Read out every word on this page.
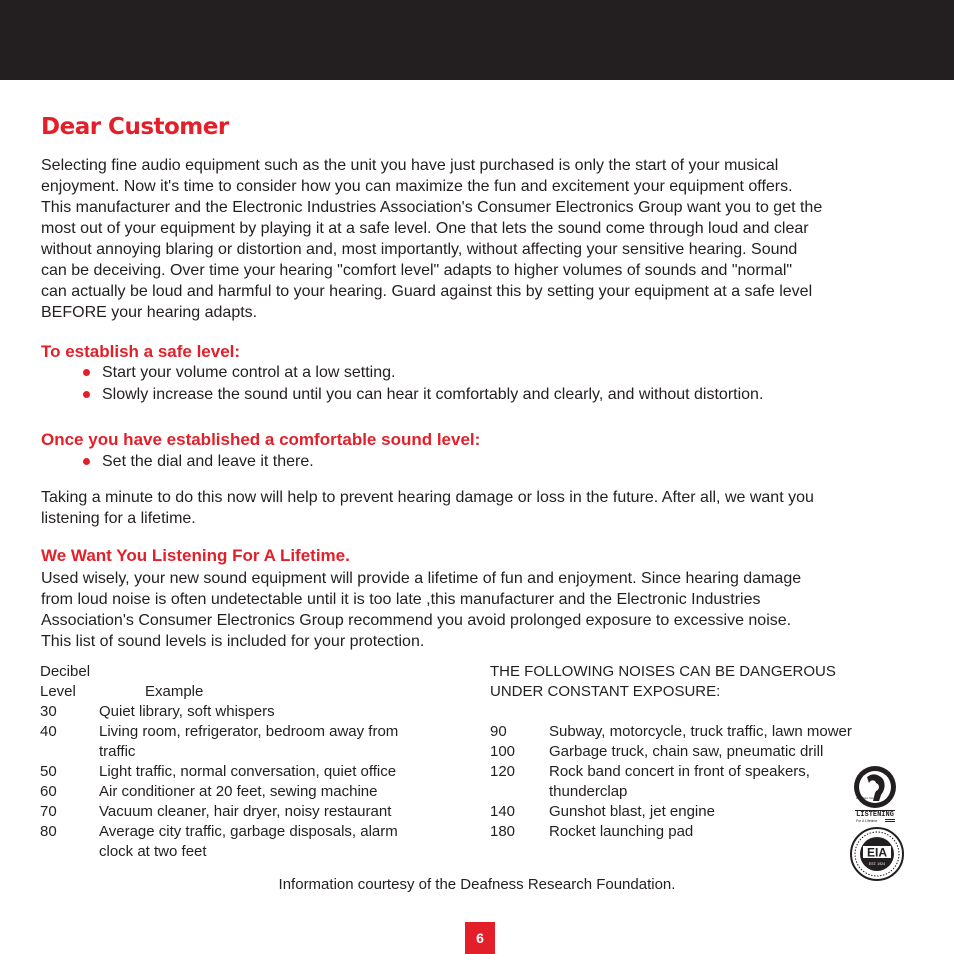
Dear Customer

Selecting fine audio equipment such as the unit you have just purchased is only the start of your musical
enjoyment. Now it's time to consider how you can maximize the fun and excitement your equipment offers.
This manufacturer and the Electronic Industries Association's Consumer Electronics Group want you to get the
most out of your equipment by playing it at a safe level. One that lets the sound come through loud and clear
without annoying blaring or distortion and, most importantly, without affecting your sensitive hearing. Sound
can be deceiving. Over time your hearing "comfort level" adapts to higher volumes of sounds and "normal"
can actually be loud and harmful to your hearing. Guard against this by setting your equipment at a safe level
BEFORE your hearing adapts.

To establish a safe level:
Start your volume control at a low setting.
Slowly increase the sound until you can hear it comfortably and clearly, and without distortion.
Once you have established a comfortable sound level:
Set the dial and leave it there.

Taking a minute to do this now will help to prevent hearing damage or loss in the future. After all, we want you
listening for a lifetime.

We Want You Listening For A Lifetime.

Used wisely, your new sound equipment will provide a lifetime of fun and enjoyment. Since hearing damage
from loud noise is often undetectable until it is too late ,this manufacturer and the Electronic Industries
Association's Consumer Electronics Group recommend you avoid prolonged exposure to excessive noise.
This list of sound levels is included for your protection.

Decibel
Level	Example
30	Quiet library, soft whispers
40	Living room, refrigerator, bedroom away from
traffic
50	Light traffic, normal conversation, quiet office
60	Air conditioner at 20 feet, sewing machine
70	Vacuum cleaner, hair dryer, noisy restaurant
80	Average city traffic, garbage disposals, alarm
clock at two feet
THE FOLLOWING NOISES CAN BE DANGEROUS
UNDER CONSTANT EXPOSURE:

90	Subway, motorcycle, truck traffic, lawn mower
100	Garbage truck, chain saw, pneumatic drill
120	Rock band concert in front of speakers,
thunderclap
140	Gunshot blast, jet engine
180	Rocket launching pad
We Want You
LISTENING
For A Lifetime
EIA
EST. 1924
Information courtesy of the Deafness Research Foundation.
6
